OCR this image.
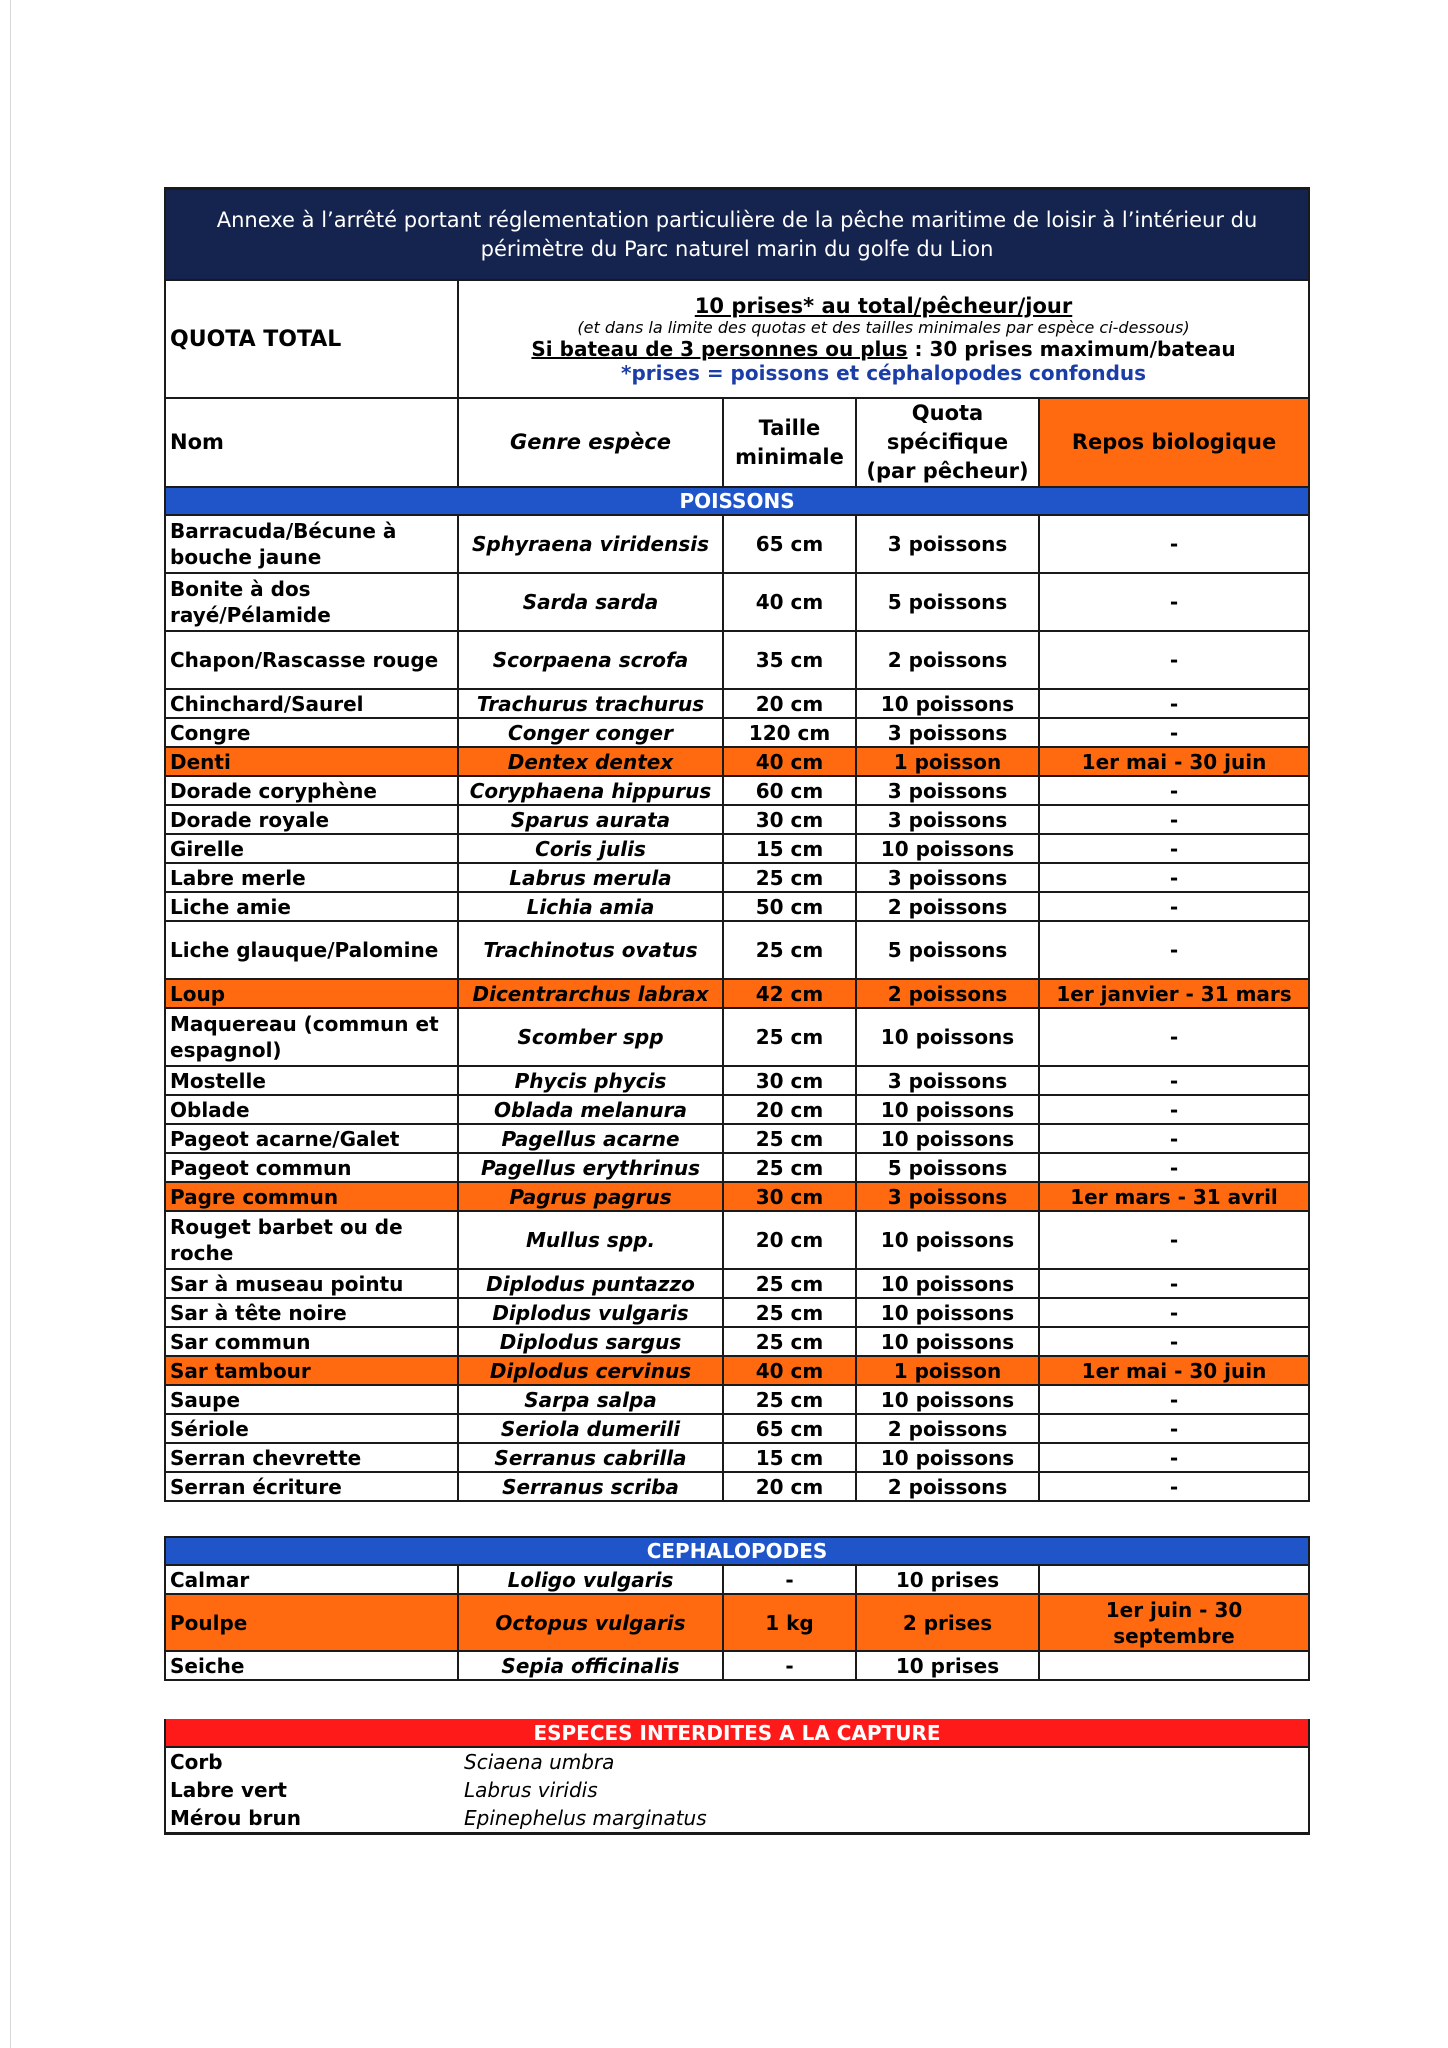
Annexe à l’arrêté portant réglementation particulière de la pêche maritime de loisir à l’intérieur du périmètre du Parc naturel marin du golfe du Lion				
QUOTA TOTAL	10 prises* au total/pêcheur/jour
(et dans la limite des quotas et des tailles minimales par espèce ci-dessous)
Si bateau de 3 personnes ou plus : 30 prises maximum/bateau
*prises = poissons et céphalopodes confondus			

Nom	Genre espèce	Taille minimale	Quota spécifique (par pêcheur)	Repos biologique
POISSONS				
Barracuda/Bécune à bouche jaune	Sphyraena viridensis	65 cm	3 poissons	-
Bonite à dos rayé/Pélamide	Sarda sarda	40 cm	5 poissons	-
Chapon/Rascasse rouge	Scorpaena scrofa	35 cm	2 poissons	-
Chinchard/Saurel	Trachurus trachurus	20 cm	10 poissons	-
Congre	Conger conger	120 cm	3 poissons	-
Denti	Dentex dentex	40 cm	1 poisson	1er mai - 30 juin
Dorade coryphène	Coryphaena hippurus	60 cm	3 poissons	-
Dorade royale	Sparus aurata	30 cm	3 poissons	-
Girelle	Coris julis	15 cm	10 poissons	-
Labre merle	Labrus merula	25 cm	3 poissons	-
Liche amie	Lichia amia	50 cm	2 poissons	-
Liche glauque/Palomine	Trachinotus ovatus	25 cm	5 poissons	-
Loup	Dicentrarchus labrax	42 cm	2 poissons	1er janvier - 31 mars
Maquereau (commun et espagnol)	Scomber spp	25 cm	10 poissons	-
Mostelle	Phycis phycis	30 cm	3 poissons	-
Oblade	Oblada melanura	20 cm	10 poissons	-
Pageot acarne/Galet	Pagellus acarne	25 cm	10 poissons	-
Pageot commun	Pagellus erythrinus	25 cm	5 poissons	-
Pagre commun	Pagrus pagrus	30 cm	3 poissons	1er mars - 31 avril
Rouget barbet ou de roche	Mullus spp.	20 cm	10 poissons	-
Sar à museau pointu	Diplodus puntazzo	25 cm	10 poissons	-
Sar à tête noire	Diplodus vulgaris	25 cm	10 poissons	-
Sar commun	Diplodus sargus	25 cm	10 poissons	-
Sar tambour	Diplodus cervinus	40 cm	1 poisson	1er mai - 30 juin
Saupe	Sarpa salpa	25 cm	10 poissons	-
Sériole	Seriola dumerili	65 cm	2 poissons	-
Serran chevrette	Serranus cabrilla	15 cm	10 poissons	-
Serran écriture	Serranus scriba	20 cm	2 poissons	-
CEPHALOPODES				
Calmar	Loligo vulgaris	-	10 prises	
Poulpe	Octopus vulgaris	1 kg	2 prises	1er juin - 30 septembre
Seiche	Sepia officinalis	-	10 prises	
ESPECES INTERDITES A LA CAPTURE	
Corb	Sciaena umbra
Labre vert	Labrus viridis
Mérou brun	Epinephelus marginatus
